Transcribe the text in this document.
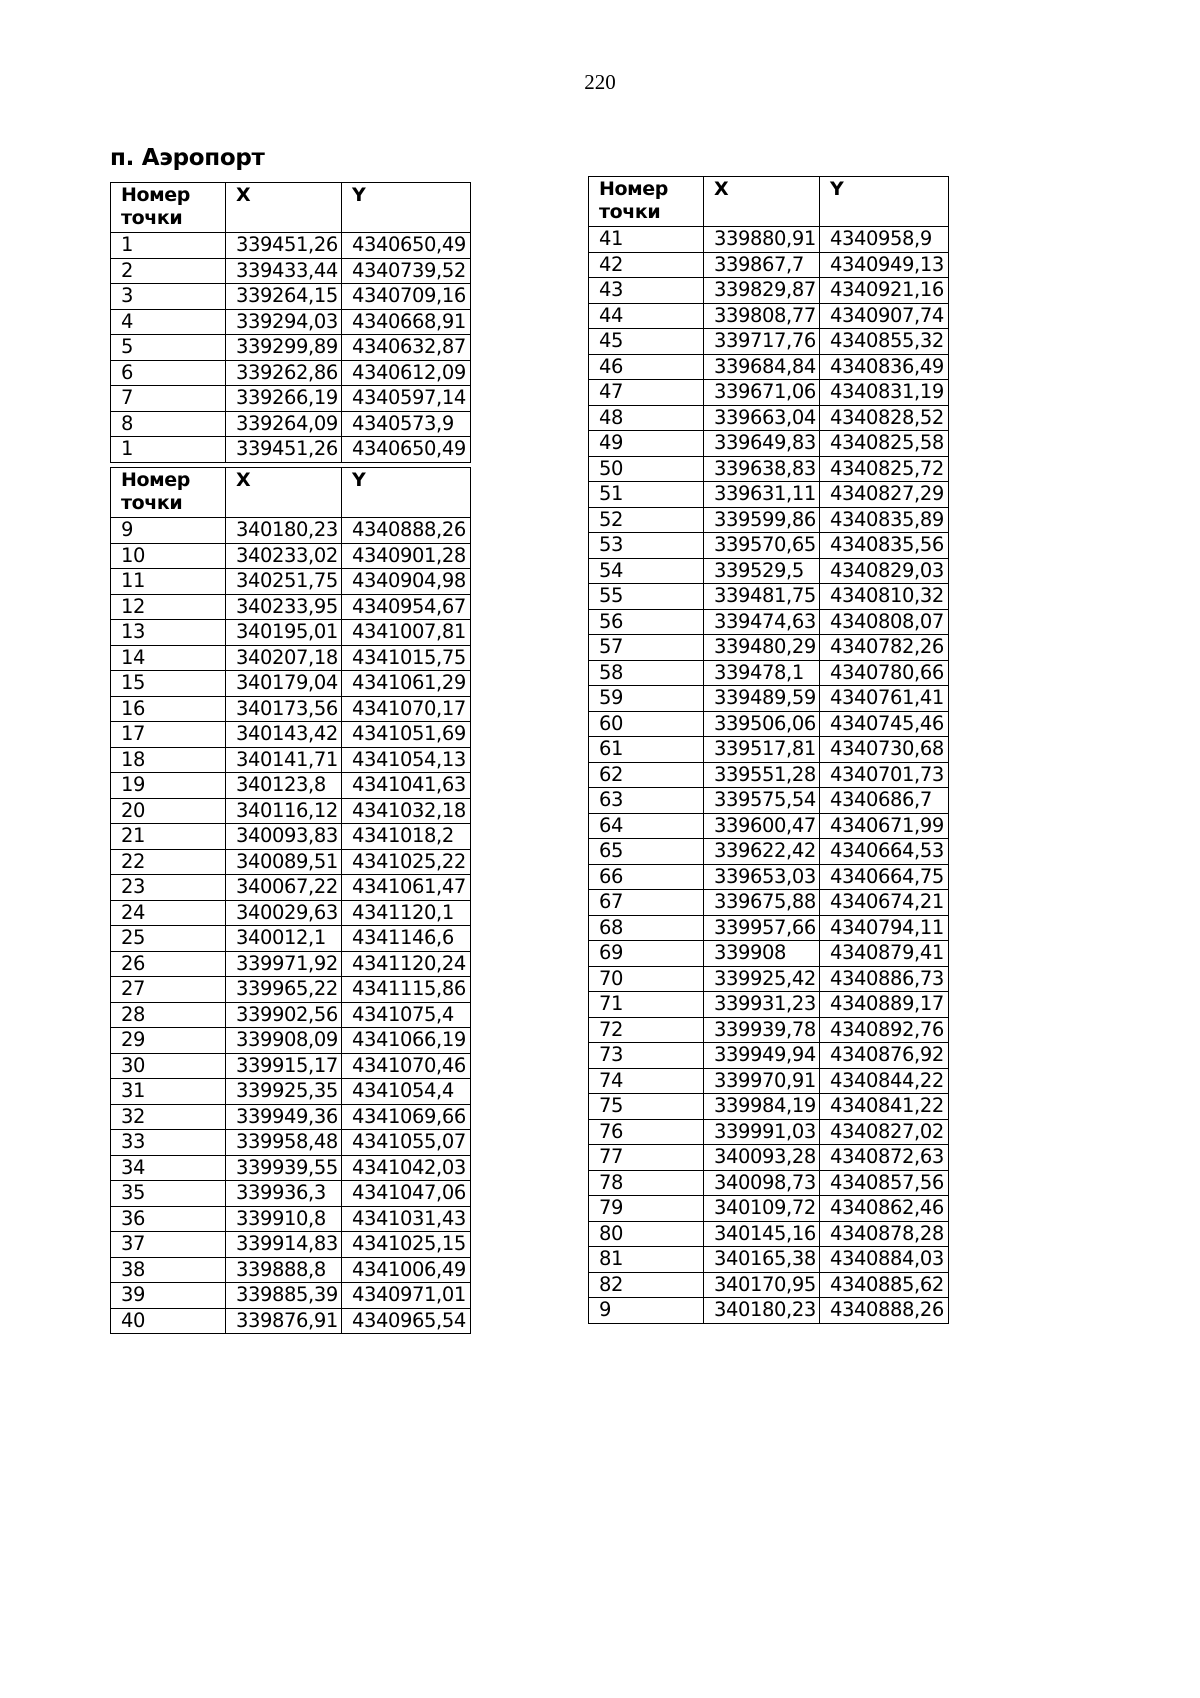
220
п. Аэропорт
Номер точки	X	Y
1	339451,26	4340650,49
2	339433,44	4340739,52
3	339264,15	4340709,16
4	339294,03	4340668,91
5	339299,89	4340632,87
6	339262,86	4340612,09
7	339266,19	4340597,14
8	339264,09	4340573,9
1	339451,26	4340650,49
Номер точки	X	Y
9	340180,23	4340888,26
10	340233,02	4340901,28
11	340251,75	4340904,98
12	340233,95	4340954,67
13	340195,01	4341007,81
14	340207,18	4341015,75
15	340179,04	4341061,29
16	340173,56	4341070,17
17	340143,42	4341051,69
18	340141,71	4341054,13
19	340123,8	4341041,63
20	340116,12	4341032,18
21	340093,83	4341018,2
22	340089,51	4341025,22
23	340067,22	4341061,47
24	340029,63	4341120,1
25	340012,1	4341146,6
26	339971,92	4341120,24
27	339965,22	4341115,86
28	339902,56	4341075,4
29	339908,09	4341066,19
30	339915,17	4341070,46
31	339925,35	4341054,4
32	339949,36	4341069,66
33	339958,48	4341055,07
34	339939,55	4341042,03
35	339936,3	4341047,06
36	339910,8	4341031,43
37	339914,83	4341025,15
38	339888,8	4341006,49
39	339885,39	4340971,01
40	339876,91	4340965,54
Номер точки	X	Y
41	339880,91	4340958,9
42	339867,7	4340949,13
43	339829,87	4340921,16
44	339808,77	4340907,74
45	339717,76	4340855,32
46	339684,84	4340836,49
47	339671,06	4340831,19
48	339663,04	4340828,52
49	339649,83	4340825,58
50	339638,83	4340825,72
51	339631,11	4340827,29
52	339599,86	4340835,89
53	339570,65	4340835,56
54	339529,5	4340829,03
55	339481,75	4340810,32
56	339474,63	4340808,07
57	339480,29	4340782,26
58	339478,1	4340780,66
59	339489,59	4340761,41
60	339506,06	4340745,46
61	339517,81	4340730,68
62	339551,28	4340701,73
63	339575,54	4340686,7
64	339600,47	4340671,99
65	339622,42	4340664,53
66	339653,03	4340664,75
67	339675,88	4340674,21
68	339957,66	4340794,11
69	339908	4340879,41
70	339925,42	4340886,73
71	339931,23	4340889,17
72	339939,78	4340892,76
73	339949,94	4340876,92
74	339970,91	4340844,22
75	339984,19	4340841,22
76	339991,03	4340827,02
77	340093,28	4340872,63
78	340098,73	4340857,56
79	340109,72	4340862,46
80	340145,16	4340878,28
81	340165,38	4340884,03
82	340170,95	4340885,62
9	340180,23	4340888,26
